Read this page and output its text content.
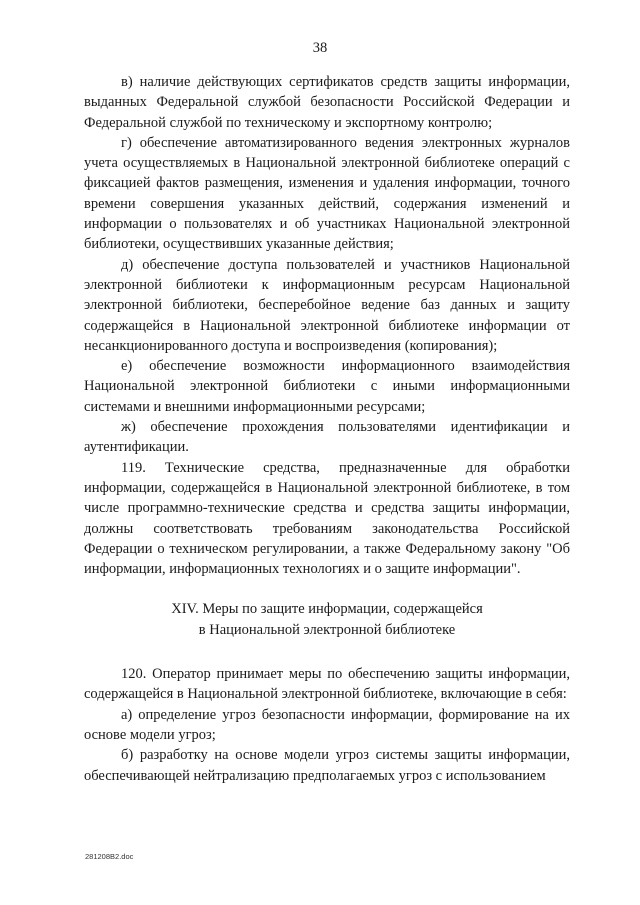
38

в) наличие действующих сертификатов средств защиты информации, выданных Федеральной службой безопасности Российской Федерации и Федеральной службой по техническому и экспортному контролю;

г) обеспечение автоматизированного ведения электронных журналов учета осуществляемых в Национальной электронной библиотеке операций с фиксацией фактов размещения, изменения и удаления информации, точного времени совершения указанных действий, содержания изменений и информации о пользователях и об участниках Национальной электронной библиотеки, осуществивших указанные действия;

д) обеспечение доступа пользователей и участников Национальной электронной библиотеки к информационным ресурсам Национальной электронной библиотеки, бесперебойное ведение баз данных и защиту содержащейся в Национальной электронной библиотеке информации от несанкционированного доступа и воспроизведения (копирования);

е) обеспечение возможности информационного взаимодействия Национальной электронной библиотеки с иными информационными системами и внешними информационными ресурсами;

ж) обеспечение прохождения пользователями идентификации и аутентификации.

119. Технические средства, предназначенные для обработки информации, содержащейся в Национальной электронной библиотеке, в том числе программно-технические средства и средства защиты информации, должны соответствовать требованиям законодательства Российской Федерации о техническом регулировании, а также Федеральному закону "Об информации, информационных технологиях и о защите информации".

XIV. Меры по защите информации, содержащейся
в Национальной электронной библиотеке

120. Оператор принимает меры по обеспечению защиты информации, содержащейся в Национальной электронной библиотеке, включающие в себя:

а) определение угроз безопасности информации, формирование на их основе модели угроз;

б) разработку на основе модели угроз системы защиты информации, обеспечивающей нейтрализацию предполагаемых угроз с использованием

281208В2.doc
